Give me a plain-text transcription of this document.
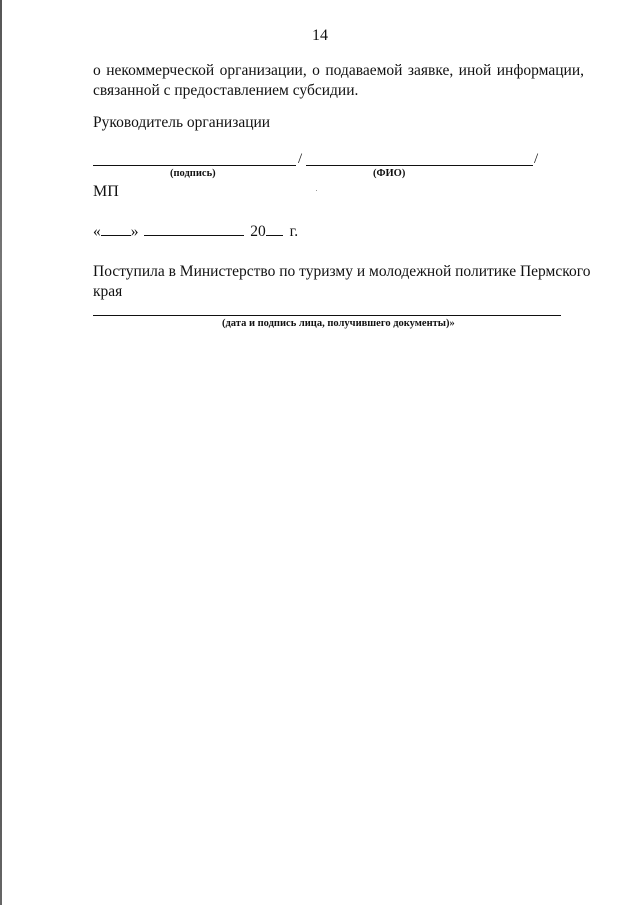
14
о некоммерческой организации, о подаваемой заявке, иной информации,
связанной с предоставлением субсидии.
Руководитель организации
/	/
(подпись)	(ФИО)
МП
« »	20 г.
Поступила в Министерство по туризму и молодежной политике Пермского
края
(дата и подпись лица, получившего документы)»
